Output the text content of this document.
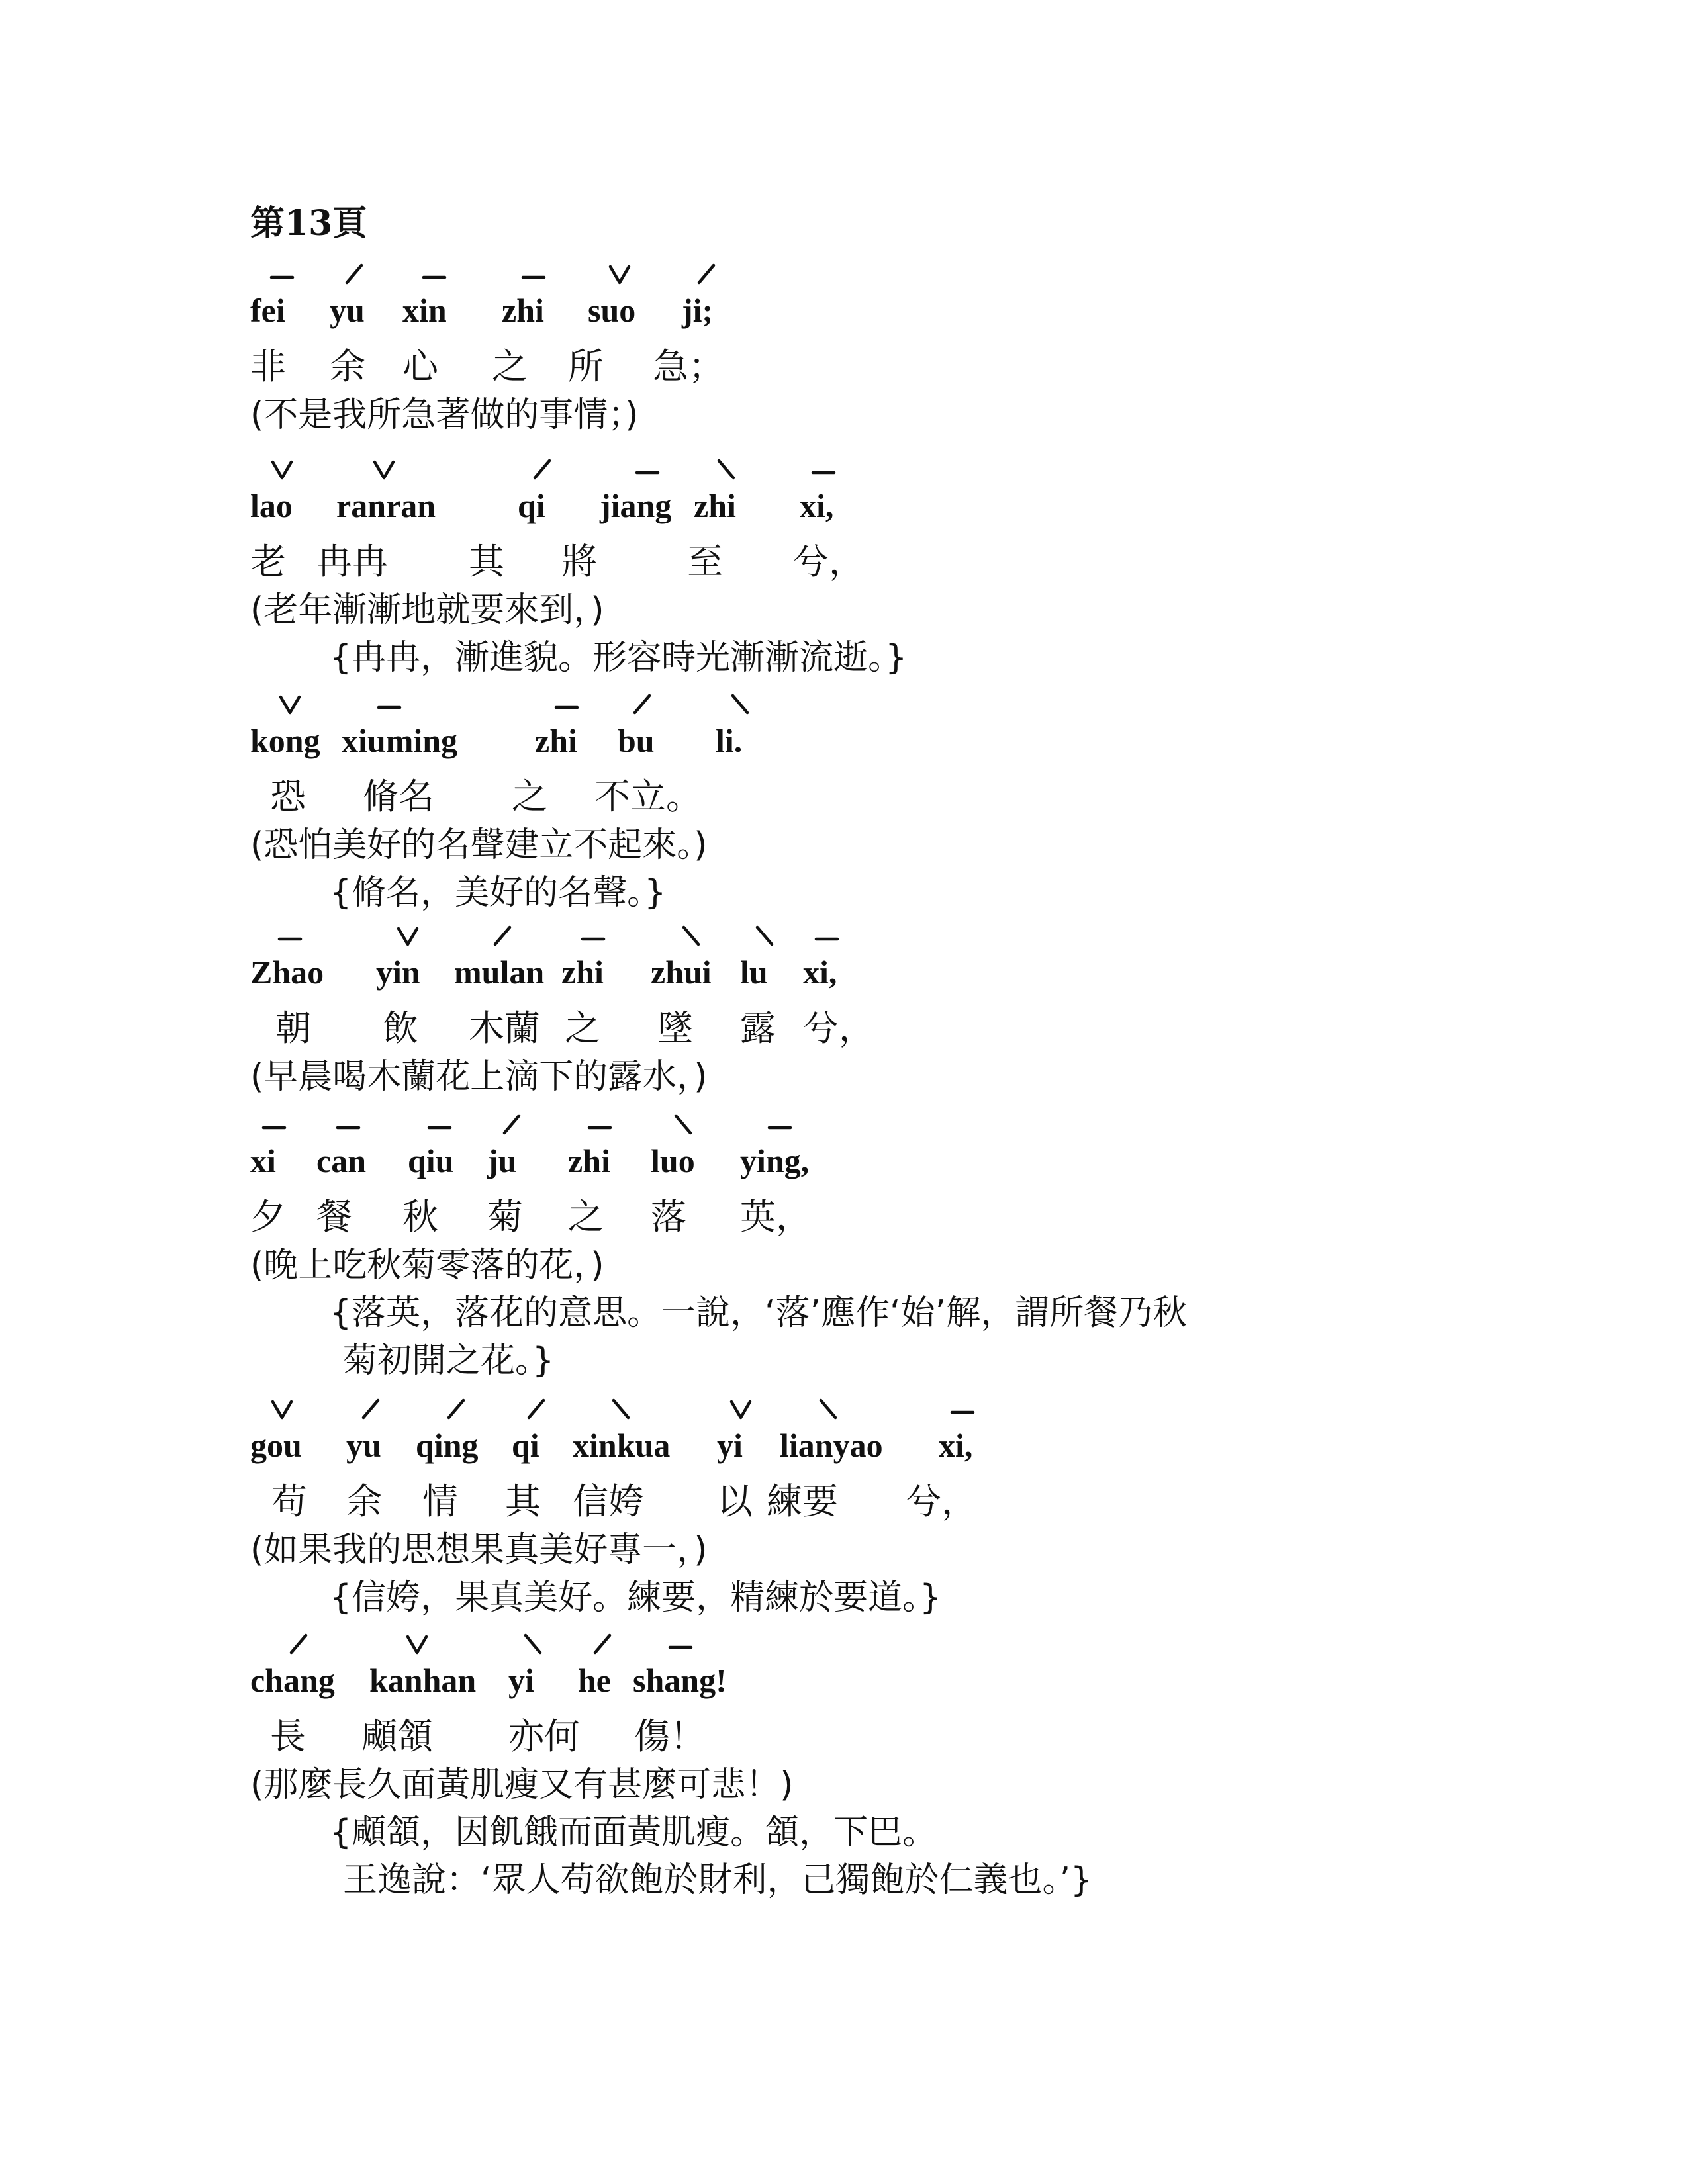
第13頁
fei yu xin zhi suo ji;
非 余 心 之 所 急；
(不是我所急著做的事情；)
lao ranran qi jiang zhi xi,
老 冉冉 其 將	至 兮，
(老年漸漸地就要來到，)
{冉冉，漸進貌。形容時光漸漸流逝。}
kong xiuming zhi bu li.
恐 脩名 之 不立。
(恐怕美好的名聲建立不起來。)
{脩名，美好的名聲。}
Zhao yin mulan zhi zhui lu xi,
朝 飲 木蘭 之 墜 露 兮，
(早晨喝木蘭花上滴下的露水，)
xi can qiu ju zhi luo ying,
夕 餐 秋 菊 之 落 英，
(晚上吃秋菊零落的花，)
{落英，落花的意思。一說，‘落’應作‘始’解，謂所餐乃秋
菊初開之花。}
gou yu qing qi xinkua yi lianyao xi,
苟 余 情 其 信姱 以 練要 兮，
(如果我的思想果真美好專一，)
{信姱，果真美好。練要，精練於要道。}
chang kanhan yi he shang!
長 顑頷 亦何 傷！
(那麼長久面黃肌瘦又有甚麼可悲！)
{顑頷，因飢餓而面黃肌瘦。頷，下巴。
王逸說：‘眾人苟欲飽於財利，己獨飽於仁義也。’}
